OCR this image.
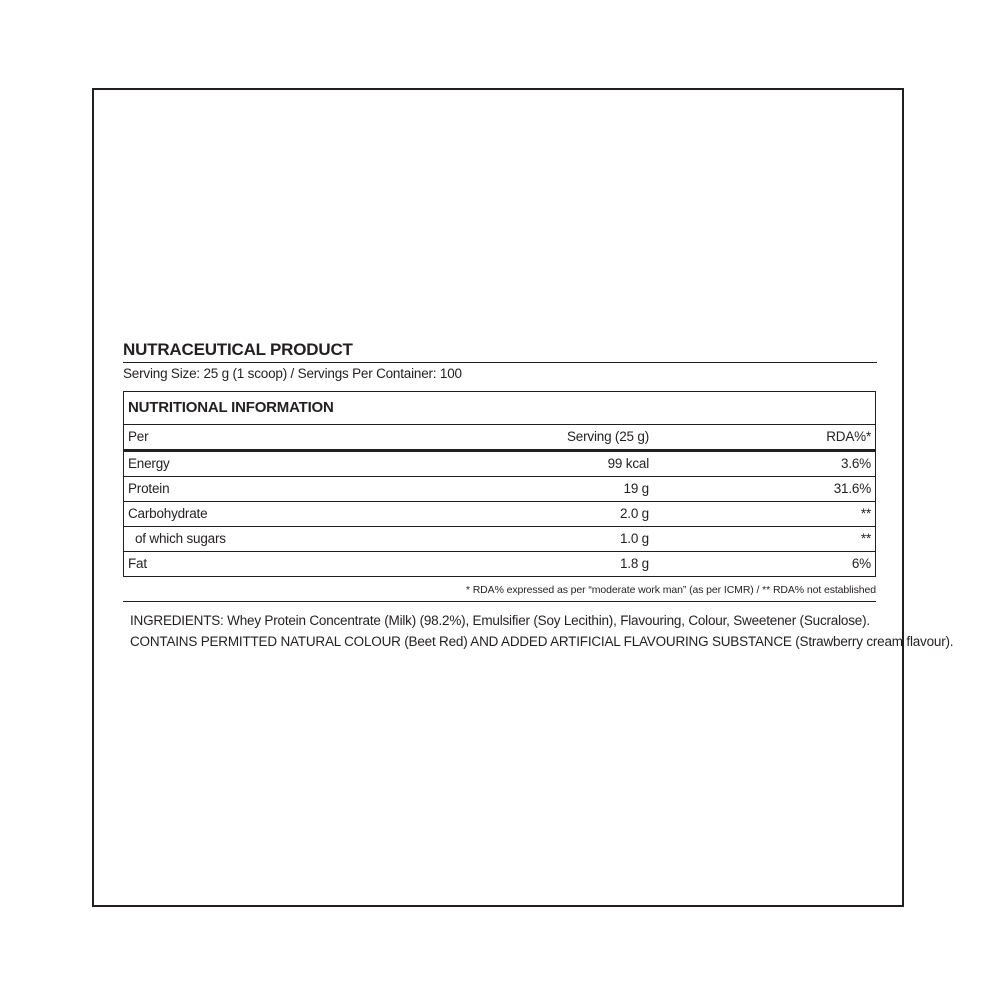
NUTRACEUTICAL PRODUCT
Serving Size: 25 g (1 scoop) / Servings Per Container: 100
NUTRITIONAL INFORMATION
Per	Serving (25 g)	RDA%*
Energy	99 kcal	3.6%
Protein	19 g	31.6%
Carbohydrate	2.0 g	**
of which sugars	1.0 g	**
Fat	1.8 g	6%
* RDA% expressed as per “moderate work man” (as per ICMR) / ** RDA% not established
INGREDIENTS: Whey Protein Concentrate (Milk) (98.2%), Emulsifier (Soy Lecithin), Flavouring, Colour, Sweetener (Sucralose).
CONTAINS PERMITTED NATURAL COLOUR (Beet Red) AND ADDED ARTIFICIAL FLAVOURING SUBSTANCE (Strawberry cream flavour).
